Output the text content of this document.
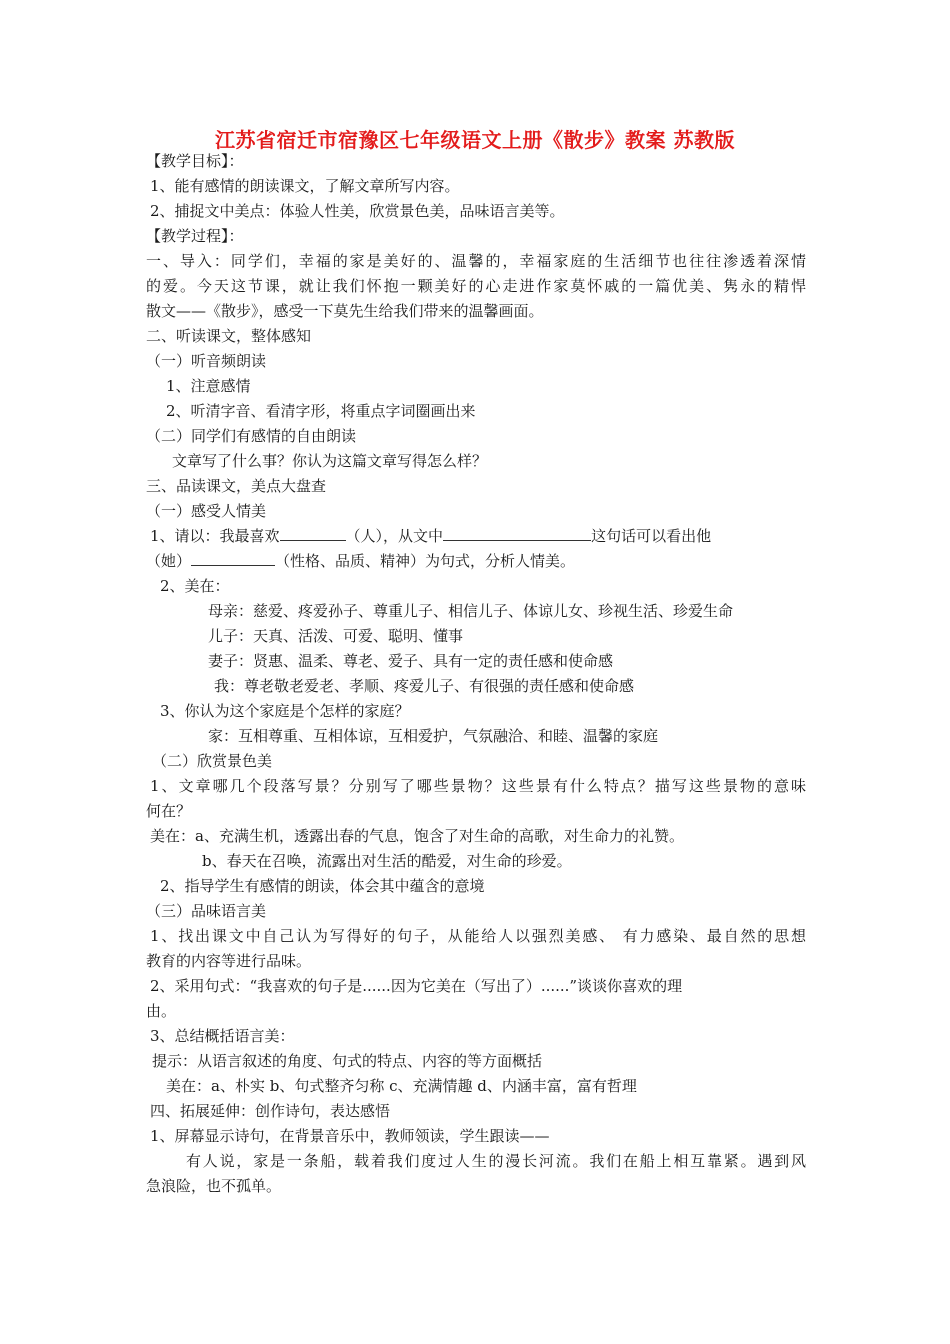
江苏省宿迁市宿豫区七年级语文上册《散步》教案 苏教版
【教学目标】：
1、能有感情的朗读课文，了解文章所写内容。
2、捕捉文中美点：体验人性美，欣赏景色美，品味语言美等。
【教学过程】：
一、导入：同学们，幸福的家是美好的、温馨的，幸福家庭的生活细节也往往渗透着深情
的爱。今天这节课，就让我们怀抱一颗美好的心走进作家莫怀戚的一篇优美、隽永的精悍
散文——《散步》，感受一下莫先生给我们带来的温馨画面。
二、听读课文，整体感知
（一）听音频朗读
1、注意感情
2、听清字音、看清字形，将重点字词圈画出来
（二）同学们有感情的自由朗读
文章写了什么事？你认为这篇文章写得怎么样？
三、品读课文，美点大盘查
（一）感受人情美
1、请以：我最喜欢	（人），从文中	这句话可以看出他
（她）	（性格、品质、精神）为句式，分析人情美。
2、美在：
母亲：慈爱、疼爱孙子、尊重儿子、相信儿子、体谅儿女、珍视生活、珍爱生命
儿子：天真、活泼、可爱、聪明、懂事
妻子：贤惠、温柔、尊老、爱子、具有一定的责任感和使命感
我：尊老敬老爱老、孝顺、疼爱儿子、有很强的责任感和使命感
3、你认为这个家庭是个怎样的家庭？
家：互相尊重、互相体谅，互相爱护，气氛融洽、和睦、温馨的家庭
（二）欣赏景色美
1、文章哪几个段落写景？分别写了哪些景物？这些景有什么特点？描写这些景物的意味
何在？
美在：a、充满生机，透露出春的气息，饱含了对生命的高歌，对生命力的礼赞。
b、春天在召唤，流露出对生活的酷爱，对生命的珍爱。
2、指导学生有感情的朗读，体会其中蕴含的意境
（三）品味语言美
1、找出课文中自己认为写得好的句子，从能给人以强烈美感、 有力感染、最自然的思想
教育的内容等进行品味。
2、采用句式：“我喜欢的句子是......因为它美在（写出了）......”谈谈你喜欢的理
由。
3、总结概括语言美：
提示：从语言叙述的角度、句式的特点、内容的等方面概括
美在：a、朴实 b、句式整齐匀称 c、充满情趣 d、内涵丰富，富有哲理
四、拓展延伸：创作诗句，表达感悟
1、屏幕显示诗句，在背景音乐中，教师领读，学生跟读——
有人说，家是一条船，载着我们度过人生的漫长河流。我们在船上相互靠紧。遇到风
急浪险，也不孤单。
